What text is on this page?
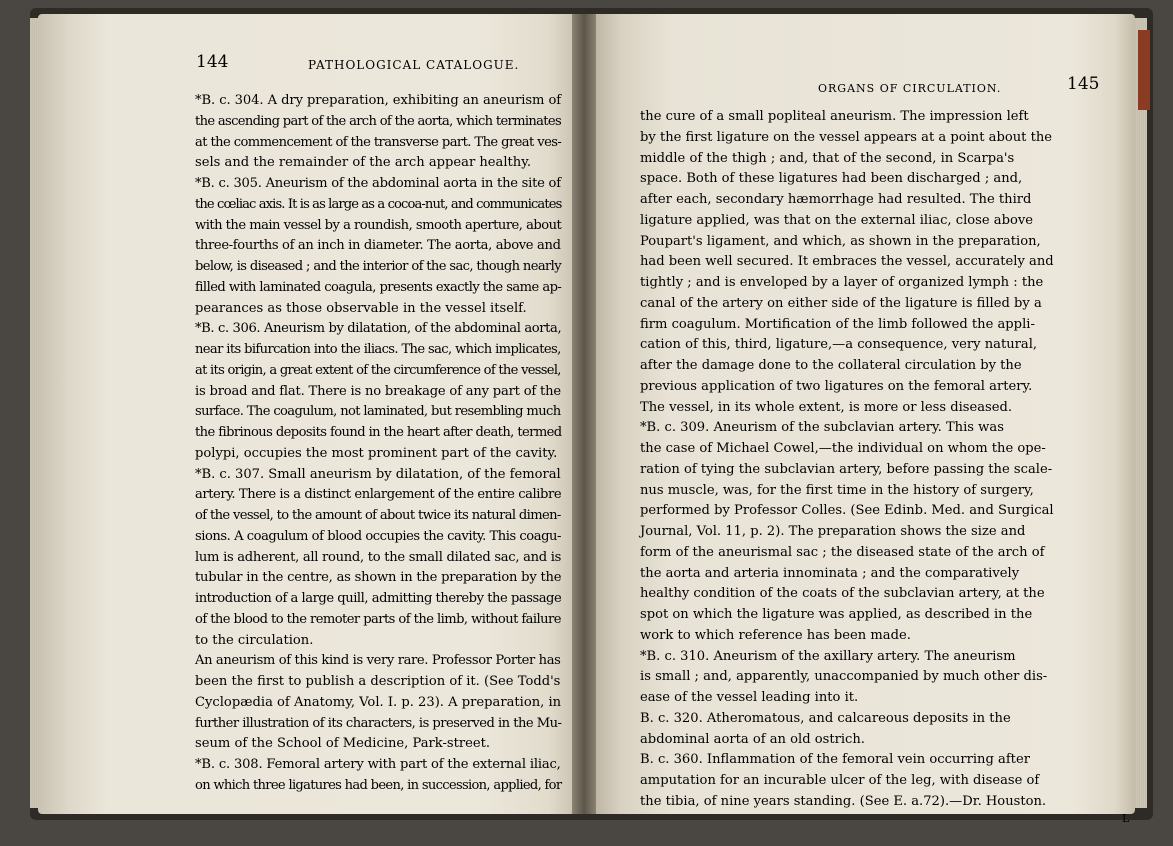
144	PATHOLOGICAL CATALOGUE.
ORGANS OF CIRCULATION.	145
*B. c. 304. A dry preparation, exhibiting an aneurism of
the ascending part of the arch of the aorta, which terminates
at the commencement of the transverse part. The great ves-
sels and the remainder of the arch appear healthy.
*B. c. 305. Aneurism of the abdominal aorta in the site of
the cœliac axis. It is as large as a cocoa-nut, and communicates
with the main vessel by a roundish, smooth aperture, about
three-fourths of an inch in diameter. The aorta, above and
below, is diseased ; and the interior of the sac, though nearly
filled with laminated coagula, presents exactly the same ap-
pearances as those observable in the vessel itself.
*B. c. 306. Aneurism by dilatation, of the abdominal aorta,
near its bifurcation into the iliacs. The sac, which implicates,
at its origin, a great extent of the circumference of the vessel,
is broad and flat. There is no breakage of any part of the
surface. The coagulum, not laminated, but resembling much
the fibrinous deposits found in the heart after death, termed
polypi, occupies the most prominent part of the cavity.
*B. c. 307. Small aneurism by dilatation, of the femoral
artery. There is a distinct enlargement of the entire calibre
of the vessel, to the amount of about twice its natural dimen-
sions. A coagulum of blood occupies the cavity. This coagu-
lum is adherent, all round, to the small dilated sac, and is
tubular in the centre, as shown in the preparation by the
introduction of a large quill, admitting thereby the passage
of the blood to the remoter parts of the limb, without failure
to the circulation.
An aneurism of this kind is very rare. Professor Porter has
been the first to publish a description of it. (See Todd's
Cyclopædia of Anatomy, Vol. I. p. 23). A preparation, in
further illustration of its characters, is preserved in the Mu-
seum of the School of Medicine, Park-street.
*B. c. 308. Femoral artery with part of the external iliac,
on which three ligatures had been, in succession, applied, for
the cure of a small popliteal aneurism. The impression left
by the first ligature on the vessel appears at a point about the
middle of the thigh ; and, that of the second, in Scarpa's
space. Both of these ligatures had been discharged ; and,
after each, secondary hæmorrhage had resulted. The third
ligature applied, was that on the external iliac, close above
Poupart's ligament, and which, as shown in the preparation,
had been well secured. It embraces the vessel, accurately and
tightly ; and is enveloped by a layer of organized lymph : the
canal of the artery on either side of the ligature is filled by a
firm coagulum. Mortification of the limb followed the appli-
cation of this, third, ligature,—a consequence, very natural,
after the damage done to the collateral circulation by the
previous application of two ligatures on the femoral artery.
The vessel, in its whole extent, is more or less diseased.
*B. c. 309. Aneurism of the subclavian artery. This was
the case of Michael Cowel,—the individual on whom the ope-
ration of tying the subclavian artery, before passing the scale-
nus muscle, was, for the first time in the history of surgery,
performed by Professor Colles. (See Edinb. Med. and Surgical
Journal, Vol. 11, p. 2). The preparation shows the size and
form of the aneurismal sac ; the diseased state of the arch of
the aorta and arteria innominata ; and the comparatively
healthy condition of the coats of the subclavian artery, at the
spot on which the ligature was applied, as described in the
work to which reference has been made.
*B. c. 310. Aneurism of the axillary artery. The aneurism
is small ; and, apparently, unaccompanied by much other dis-
ease of the vessel leading into it.
B. c. 320. Atheromatous, and calcareous deposits in the
abdominal aorta of an old ostrich.
B. c. 360. Inflammation of the femoral vein occurring after
amputation for an incurable ulcer of the leg, with disease of
the tibia, of nine years standing. (See E. a.72).—Dr. Houston.
L
